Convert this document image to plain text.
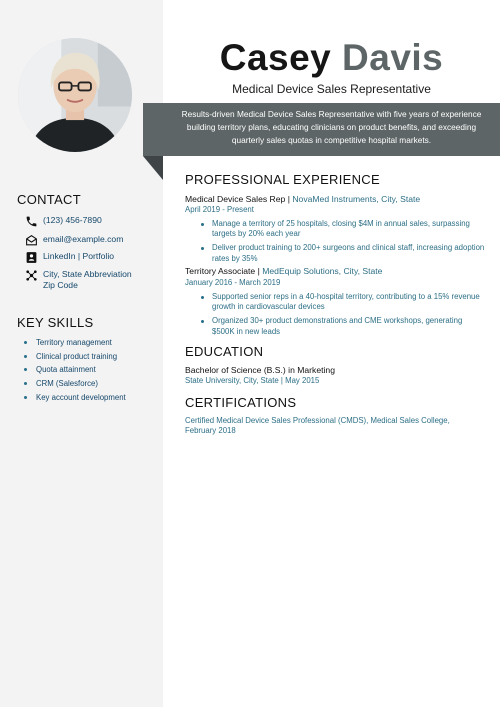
Casey Davis
Medical Device Sales Representative
Results-driven Medical Device Sales Representative with five years of experience building territory plans, educating clinicians on product benefits, and exceeding quarterly sales quotas in competitive hospital markets.
CONTACT
(123) 456-7890
email@example.com
LinkedIn | Portfolio
City, State Abbreviation
Zip Code
KEY SKILLS
Territory management
Clinical product training
Quota attainment
CRM (Salesforce)
Key account development
PROFESSIONAL EXPERIENCE
Medical Device Sales Rep | NovaMed Instruments, City, State
April 2019 - Present
Manage a territory of 25 hospitals, closing $4M in annual sales, surpassing targets by 20% each year
Deliver product training to 200+ surgeons and clinical staff, increasing adoption rates by 35%
Territory Associate | MedEquip Solutions, City, State
January 2016 - March 2019
Supported senior reps in a 40-hospital territory, contributing to a 15% revenue growth in cardiovascular devices
Organized 30+ product demonstrations and CME workshops, generating $500K in new leads
EDUCATION
Bachelor of Science (B.S.) in Marketing
State University, City, State | May 2015
CERTIFICATIONS
Certified Medical Device Sales Professional (CMDS), Medical Sales College, February 2018
